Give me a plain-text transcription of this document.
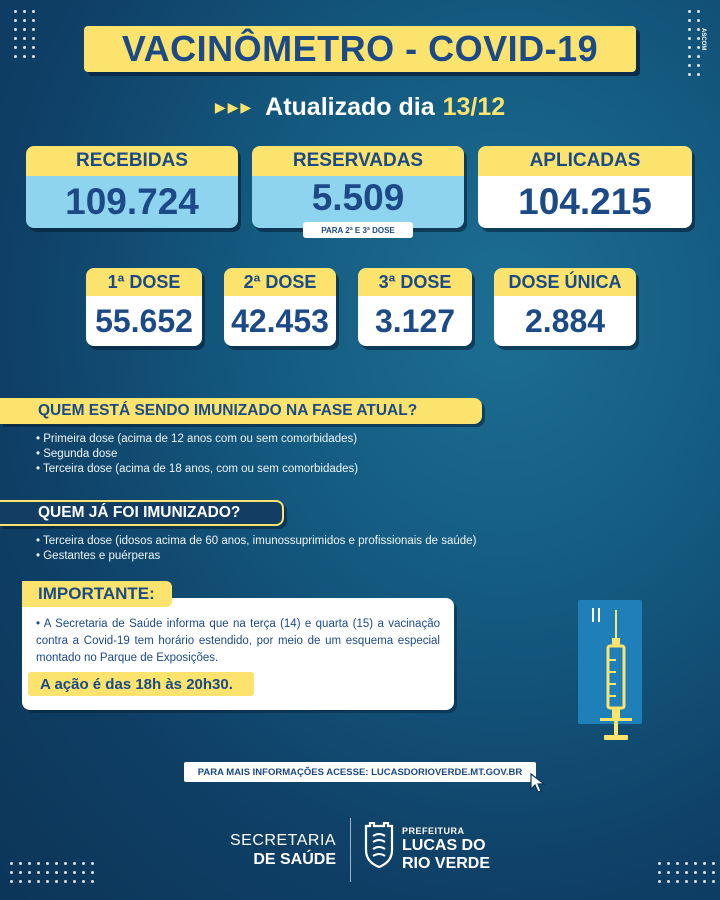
ASCOM
VACINÔMETRO - COVID-19
▶▶▶ Atualizado dia 13/12
RECEBIDAS
109.724
RESERVADAS
5.509
PARA 2ª E 3ª DOSE
APLICADAS
104.215
1ª DOSE
55.652
2ª DOSE
42.453
3ª DOSE
3.127
DOSE ÚNICA
2.884
QUEM ESTÁ SENDO IMUNIZADO NA FASE ATUAL?
• Primeira dose (acima de 12 anos com ou sem comorbidades)
• Segunda dose
• Terceira dose (acima de 18 anos, com ou sem comorbidades)
QUEM JÁ FOI IMUNIZADO?
• Terceira dose (idosos acima de 60 anos, imunossuprimidos e profissionais de saúde)
• Gestantes e puérperas
• A Secretaria de Saúde informa que na terça (14) e quarta (15) a vacinação contra a Covid-19 tem horário estendido, por meio de um esquema especial montado no Parque de Exposições.
IMPORTANTE:
A ação é das 18h às 20h30.
PARA MAIS INFORMAÇÕES ACESSE: LUCASDORIOVERDE.MT.GOV.BR
SECRETARIA
DE SAÚDE
PREFEITURA
LUCAS DO
RIO VERDE
